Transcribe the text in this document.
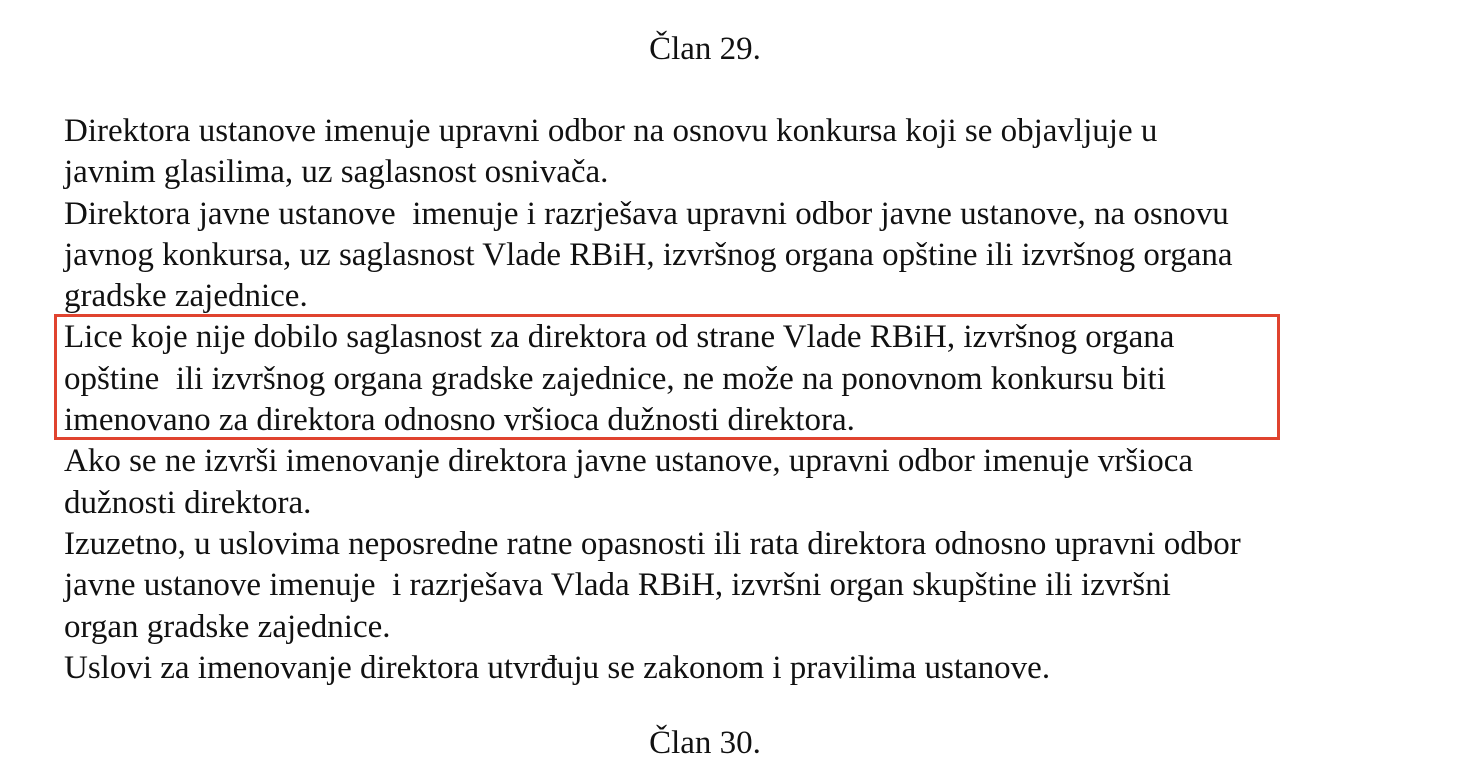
Član 29.
Direktora ustanove imenuje upravni odbor na osnovu konkursa koji se objavljuje u
javnim glasilima, uz saglasnost osnivača.
Direktora javne ustanove  imenuje i razrješava upravni odbor javne ustanove, na osnovu
javnog konkursa, uz saglasnost Vlade RBiH, izvršnog organa opštine ili izvršnog organa
gradske zajednice.
Lice koje nije dobilo saglasnost za direktora od strane Vlade RBiH, izvršnog organa
opštine  ili izvršnog organa gradske zajednice, ne može na ponovnom konkursu biti
imenovano za direktora odnosno vršioca dužnosti direktora.
Ako se ne izvrši imenovanje direktora javne ustanove, upravni odbor imenuje vršioca
dužnosti direktora.
Izuzetno, u uslovima neposredne ratne opasnosti ili rata direktora odnosno upravni odbor
javne ustanove imenuje  i razrješava Vlada RBiH, izvršni organ skupštine ili izvršni
organ gradske zajednice.
Uslovi za imenovanje direktora utvrđuju se zakonom i pravilima ustanove.
Član 30.
